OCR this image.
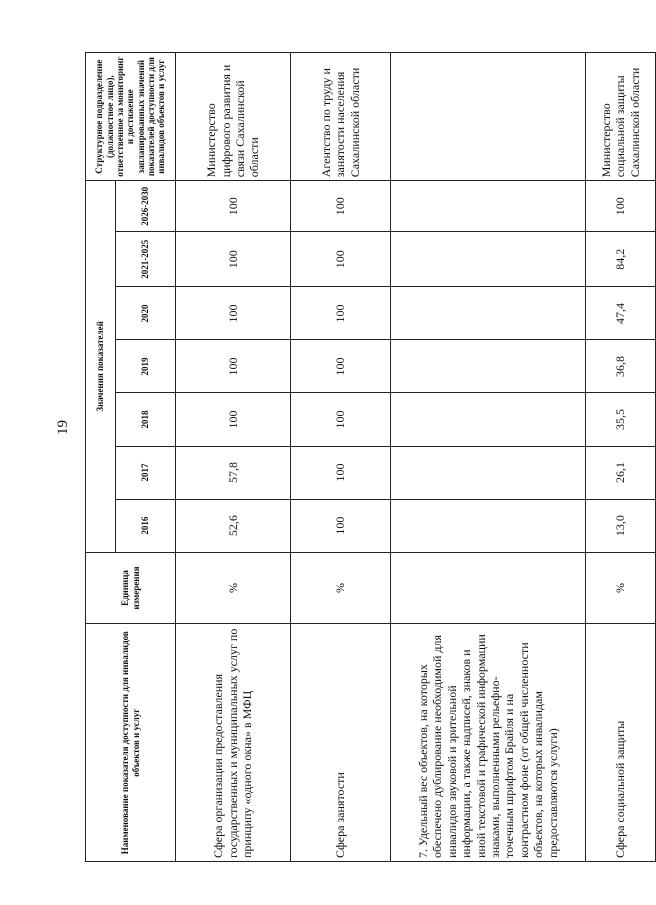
19
Наименование показателя доступности для инвалидов объектов и услуг	Единица измерения	Значения показателей							Структурное подразделение (должностное лицо), ответственное за мониторинг и достижение запланированных значений показателей доступности для инвалидов объектов и услуг
		2016	2017	2018	2019	2020	2021-2025	2026-2030	
Сфера организации предоставления государственных и муниципальных услуг по принципу «одного окна» в МФЦ	%	52,6	57,8	100	100	100	100	100	Министерство цифрового развития и связи Сахалинской области
Сфера занятости	%	100	100	100	100	100	100	100	Агентство по труду и занятости населения Сахалинской области
7. Удельный вес объектов, на которых обеспечено дублирование необходимой для инвалидов звуковой и зрительной информации, а также надписей, знаков и иной текстовой и графической информации знаками, выполненными рельефно-точечным шрифтом Брайля и на контрастном фоне (от общей численности объектов, на которых инвалидам предоставляются услуги)									
Сфера социальной защиты	%	13,0	26,1	35,5	36,8	47,4	84,2	100	Министерство социальной защиты Сахалинской области
